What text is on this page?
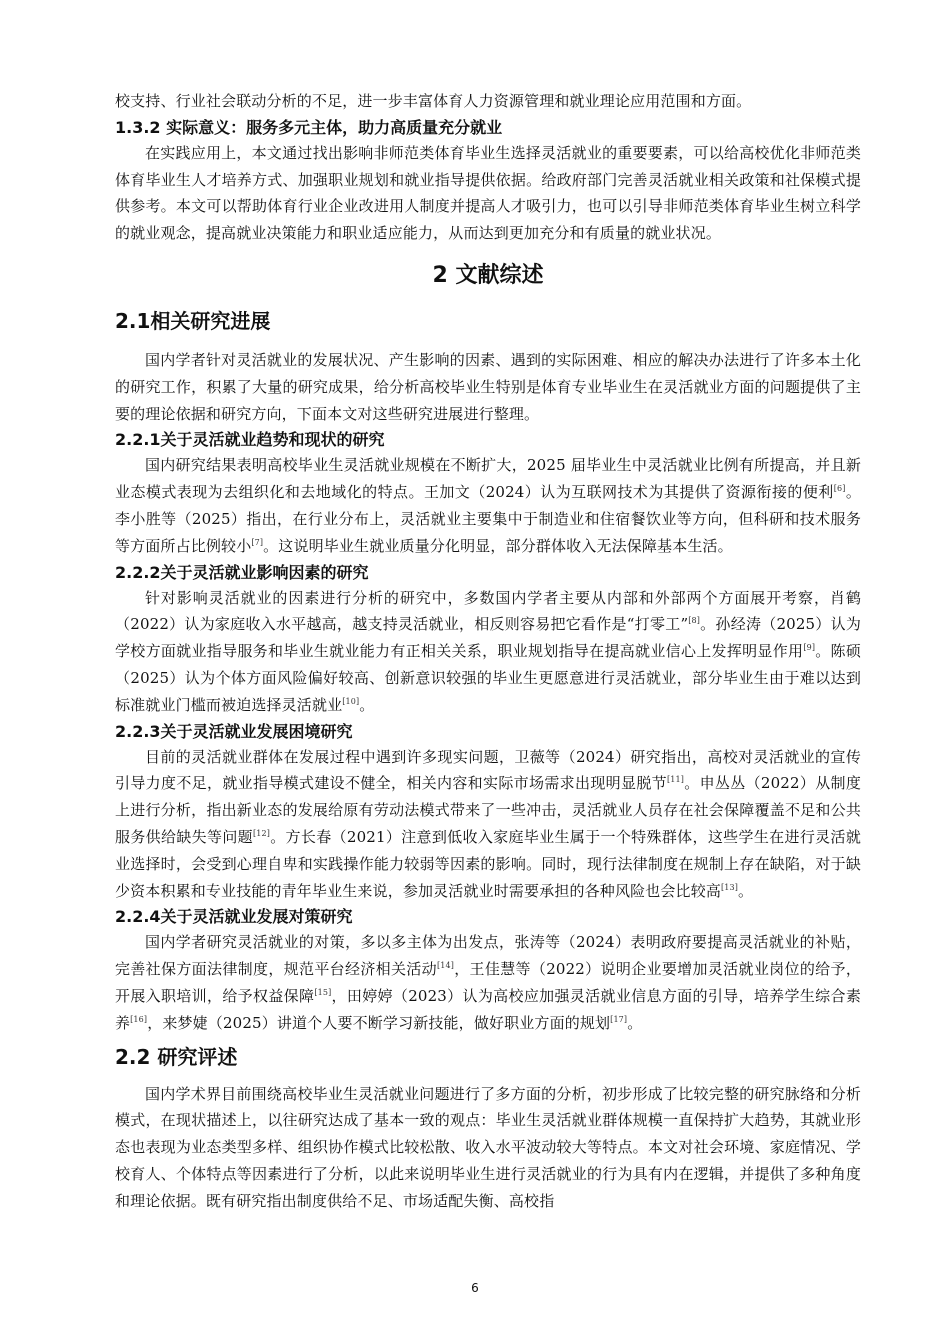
校支持、行业社会联动分析的不足，进一步丰富体育人力资源管理和就业理论应用范围和方面。

1.3.2 实际意义：服务多元主体，助力高质量充分就业

在实践应用上，本文通过找出影响非师范类体育毕业生选择灵活就业的重要要素，可以给高校优化非师范类体育毕业生人才培养方式、加强职业规划和就业指导提供依据。给政府部门完善灵活就业相关政策和社保模式提供参考。本文可以帮助体育行业企业改进用人制度并提高人才吸引力，也可以引导非师范类体育毕业生树立科学的就业观念，提高就业决策能力和职业适应能力，从而达到更加充分和有质量的就业状况。

2 文献综述
2.1相关研究进展

国内学者针对灵活就业的发展状况、产生影响的因素、遇到的实际困难、相应的解决办法进行了许多本土化的研究工作，积累了大量的研究成果，给分析高校毕业生特别是体育专业毕业生在灵活就业方面的问题提供了主要的理论依据和研究方向，下面本文对这些研究进展进行整理。

2.2.1关于灵活就业趋势和现状的研究

国内研究结果表明高校毕业生灵活就业规模在不断扩大，2025 届毕业生中灵活就业比例有所提高，并且新业态模式表现为去组织化和去地域化的特点。王加文（2024）认为互联网技术为其提供了资源衔接的便利[6]。李小胜等（2025）指出，在行业分布上，灵活就业主要集中于制造业和住宿餐饮业等方向，但科研和技术服务等方面所占比例较小[7]。这说明毕业生就业质量分化明显，部分群体收入无法保障基本生活。

2.2.2关于灵活就业影响因素的研究

针对影响灵活就业的因素进行分析的研究中，多数国内学者主要从内部和外部两个方面展开考察，肖鹤（2022）认为家庭收入水平越高，越支持灵活就业，相反则容易把它看作是“打零工”[8]。孙经涛（2025）认为学校方面就业指导服务和毕业生就业能力有正相关关系，职业规划指导在提高就业信心上发挥明显作用[9]。陈硕（2025）认为个体方面风险偏好较高、创新意识较强的毕业生更愿意进行灵活就业，部分毕业生由于难以达到标准就业门槛而被迫选择灵活就业[10]。

2.2.3关于灵活就业发展困境研究

目前的灵活就业群体在发展过程中遇到许多现实问题，卫薇等（2024）研究指出，高校对灵活就业的宣传引导力度不足，就业指导模式建设不健全，相关内容和实际市场需求出现明显脱节[11]。申丛丛（2022）从制度上进行分析，指出新业态的发展给原有劳动法模式带来了一些冲击，灵活就业人员存在社会保障覆盖不足和公共服务供给缺失等问题[12]。方长春（2021）注意到低收入家庭毕业生属于一个特殊群体，这些学生在进行灵活就业选择时，会受到心理自卑和实践操作能力较弱等因素的影响。同时，现行法律制度在规制上存在缺陷，对于缺少资本积累和专业技能的青年毕业生来说，参加灵活就业时需要承担的各种风险也会比较高[13]。

2.2.4关于灵活就业发展对策研究

国内学者研究灵活就业的对策，多以多主体为出发点，张涛等（2024）表明政府要提高灵活就业的补贴，完善社保方面法律制度，规范平台经济相关活动[14]，王佳慧等（2022）说明企业要增加灵活就业岗位的给予，开展入职培训，给予权益保障[15]，田婷婷（2023）认为高校应加强灵活就业信息方面的引导，培养学生综合素养[16]，来梦婕（2025）讲道个人要不断学习新技能，做好职业方面的规划[17]。

2.2 研究评述

国内学术界目前围绕高校毕业生灵活就业问题进行了多方面的分析，初步形成了比较完整的研究脉络和分析模式，在现状描述上，以往研究达成了基本一致的观点：毕业生灵活就业群体规模一直保持扩大趋势，其就业形态也表现为业态类型多样、组织协作模式比较松散、收入水平波动较大等特点。本文对社会环境、家庭情况、学校育人、个体特点等因素进行了分析，以此来说明毕业生进行灵活就业的行为具有内在逻辑，并提供了多种角度和理论依据。既有研究指出制度供给不足、市场适配失衡、高校指

6
